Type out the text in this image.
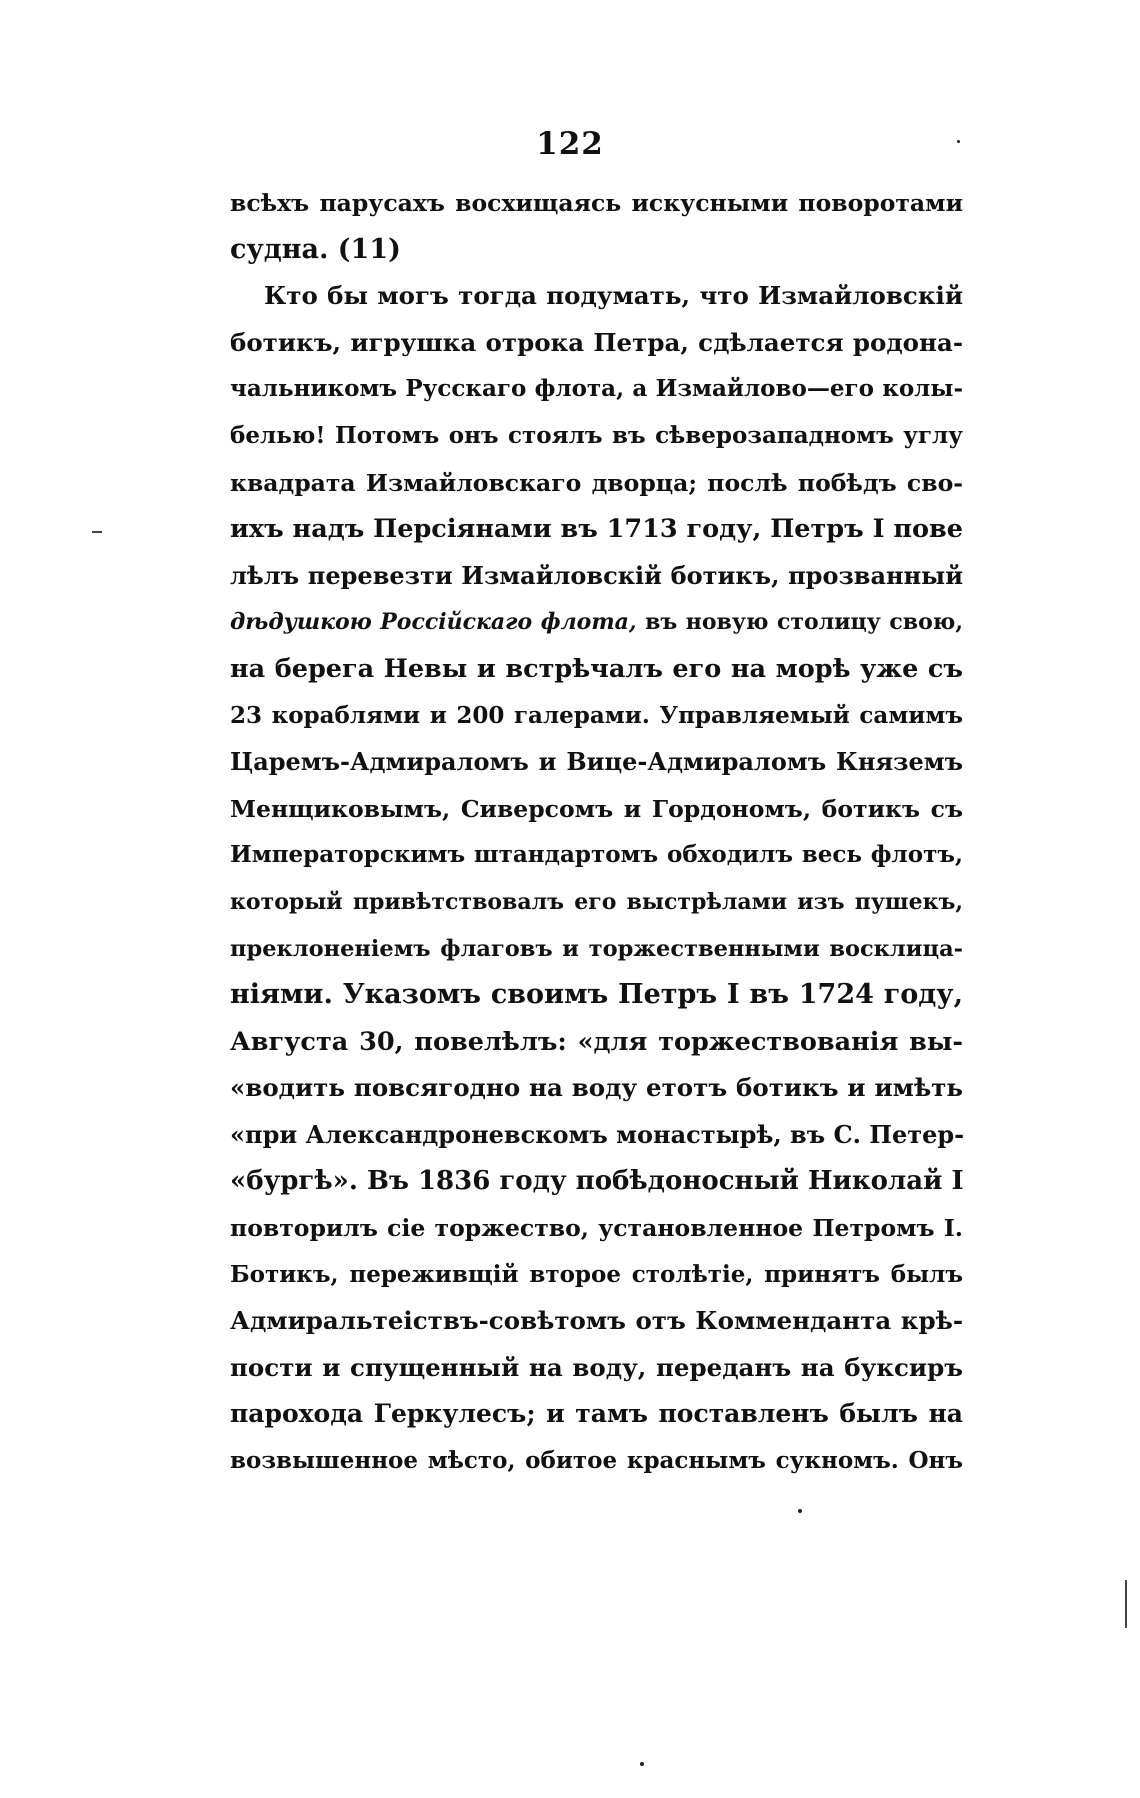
122
всѣхъ парусахъ восхищаясь искусными поворотами
судна. (11)
Кто бы могъ тогда подумать, что Измайловскій
ботикъ, игрушка отрока Петра, сдѣлается родона-
чальникомъ Русскаго флота, а Измайлово—его колы-
белью! Потомъ онъ стоялъ въ сѣверозападномъ углу
квадрата Измайловскаго дворца; послѣ побѣдъ сво-
ихъ надъ Персіянами въ 1713 году, Петръ I пове
лѣлъ перевезти Измайловскій ботикъ, прозванный
дѣдушкою Россійскаго флота, въ новую столицу свою,
на берега Невы и встрѣчалъ его на морѣ уже съ
23 кораблями и 200 галерами. Управляемый самимъ
Царемъ-Адмираломъ и Вице-Адмираломъ Княземъ
Менщиковымъ, Сиверсомъ и Гордономъ, ботикъ съ
Императорскимъ штандартомъ обходилъ весь флотъ,
который привѣтствовалъ его выстрѣлами изъ пушекъ,
преклоненіемъ флаговъ и торжественными восклица-
ніями. Указомъ своимъ Петръ I въ 1724 году,
Августа 30, повелѣлъ: «для торжествованія вы-
«водить повсягодно на воду етотъ ботикъ и имѣть
«при Александроневскомъ монастырѣ, въ С. Петер-
«бургѣ». Въ 1836 году побѣдоносный Николай I
повторилъ сіе торжество, установленное Петромъ I.
Ботикъ, переживщій второе столѣтіе, принятъ былъ
Адмиральтеіствъ-совѣтомъ отъ Коммендантa крѣ-
пости и спущенный на воду, переданъ на буксиръ
парохода Геркулесъ; и тамъ поставленъ былъ на
возвышенное мѣсто, обитое краснымъ сукномъ. Онъ
